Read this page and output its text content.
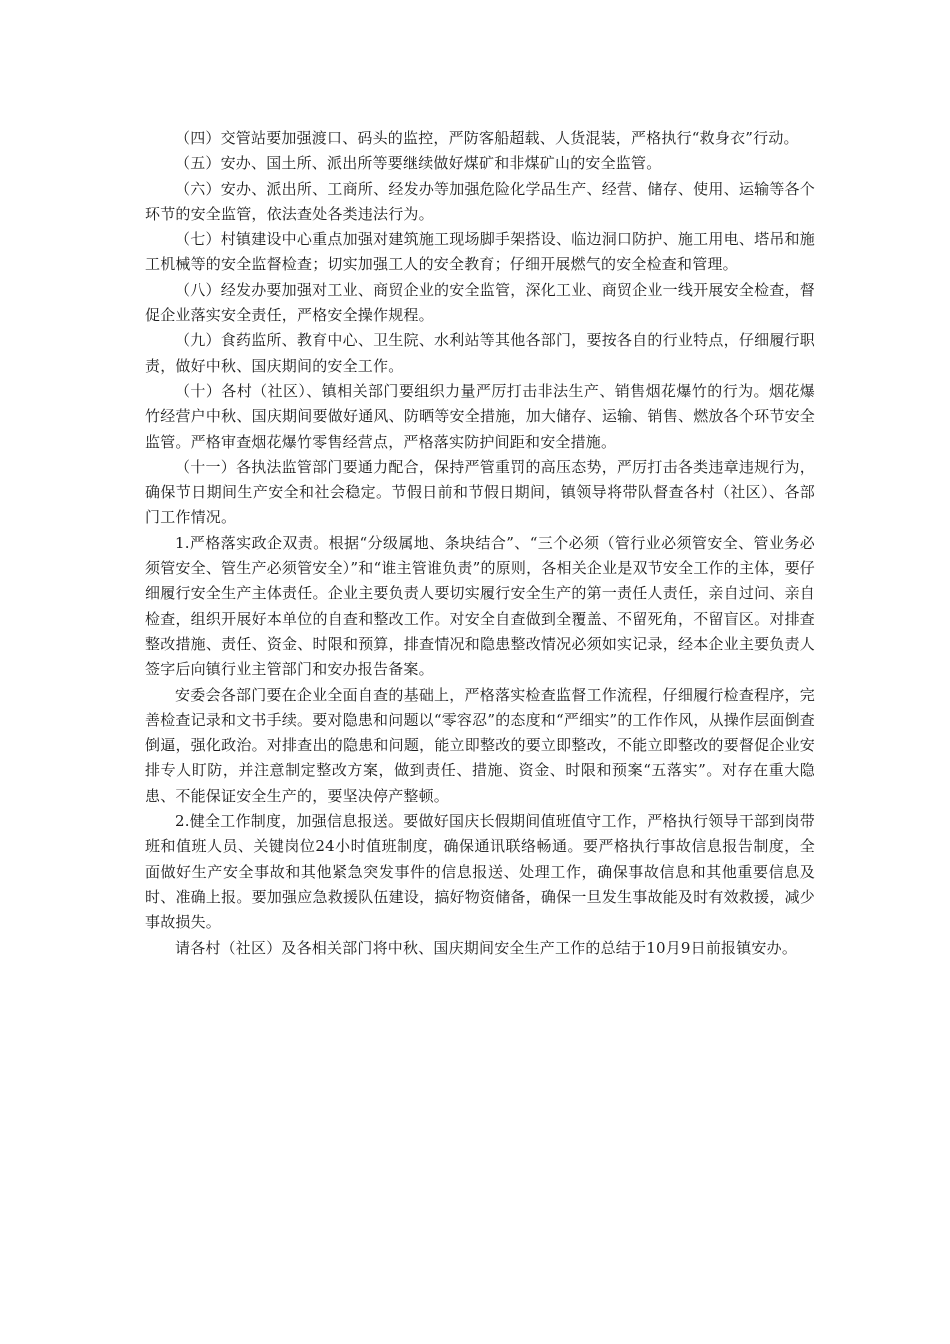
（四）交管站要加强渡口、码头的监控，严防客船超载、人货混装，严格执行“救身衣”行动。

（五）安办、国土所、派出所等要继续做好煤矿和非煤矿山的安全监管。

（六）安办、派出所、工商所、经发办等加强危险化学品生产、经营、储存、使用、运输等各个环节的安全监管，依法查处各类违法行为。

（七）村镇建设中心重点加强对建筑施工现场脚手架搭设、临边洞口防护、施工用电、塔吊和施工机械等的安全监督检查；切实加强工人的安全教育；仔细开展燃气的安全检查和管理。

（八）经发办要加强对工业、商贸企业的安全监管，深化工业、商贸企业一线开展安全检查，督促企业落实安全责任，严格安全操作规程。

（九）食药监所、教育中心、卫生院、水利站等其他各部门，要按各自的行业特点，仔细履行职责，做好中秋、国庆期间的安全工作。

（十）各村（社区）、镇相关部门要组织力量严厉打击非法生产、销售烟花爆竹的行为。烟花爆竹经营户中秋、国庆期间要做好通风、防晒等安全措施，加大储存、运输、销售、燃放各个环节安全监管。严格审查烟花爆竹零售经营点，严格落实防护间距和安全措施。

（十一）各执法监管部门要通力配合，保持严管重罚的高压态势，严厉打击各类违章违规行为，确保节日期间生产安全和社会稳定。节假日前和节假日期间，镇领导将带队督查各村（社区）、各部门工作情况。

1.严格落实政企双责。根据“分级属地、条块结合”、“三个必须（管行业必须管安全、管业务必须管安全、管生产必须管安全）”和“谁主管谁负责”的原则，各相关企业是双节安全工作的主体，要仔细履行安全生产主体责任。企业主要负责人要切实履行安全生产的第一责任人责任，亲自过问、亲自检查，组织开展好本单位的自查和整改工作。对安全自查做到全覆盖、不留死角，不留盲区。对排查整改措施、责任、资金、时限和预算，排查情况和隐患整改情况必须如实记录，经本企业主要负责人签字后向镇行业主管部门和安办报告备案。

安委会各部门要在企业全面自查的基础上，严格落实检查监督工作流程，仔细履行检查程序，完善检查记录和文书手续。要对隐患和问题以“零容忍”的态度和“严细实”的工作作风，从操作层面倒查倒逼，强化政治。对排查出的隐患和问题，能立即整改的要立即整改，不能立即整改的要督促企业安排专人盯防，并注意制定整改方案，做到责任、措施、资金、时限和预案“五落实”。对存在重大隐患、不能保证安全生产的，要坚决停产整顿。

2.健全工作制度，加强信息报送。要做好国庆长假期间值班值守工作，严格执行领导干部到岗带班和值班人员、关键岗位24小时值班制度，确保通讯联络畅通。要严格执行事故信息报告制度，全面做好生产安全事故和其他紧急突发事件的信息报送、处理工作，确保事故信息和其他重要信息及时、准确上报。要加强应急救援队伍建设，搞好物资储备，确保一旦发生事故能及时有效救援，减少事故损失。

请各村（社区）及各相关部门将中秋、国庆期间安全生产工作的总结于10月9日前报镇安办。
